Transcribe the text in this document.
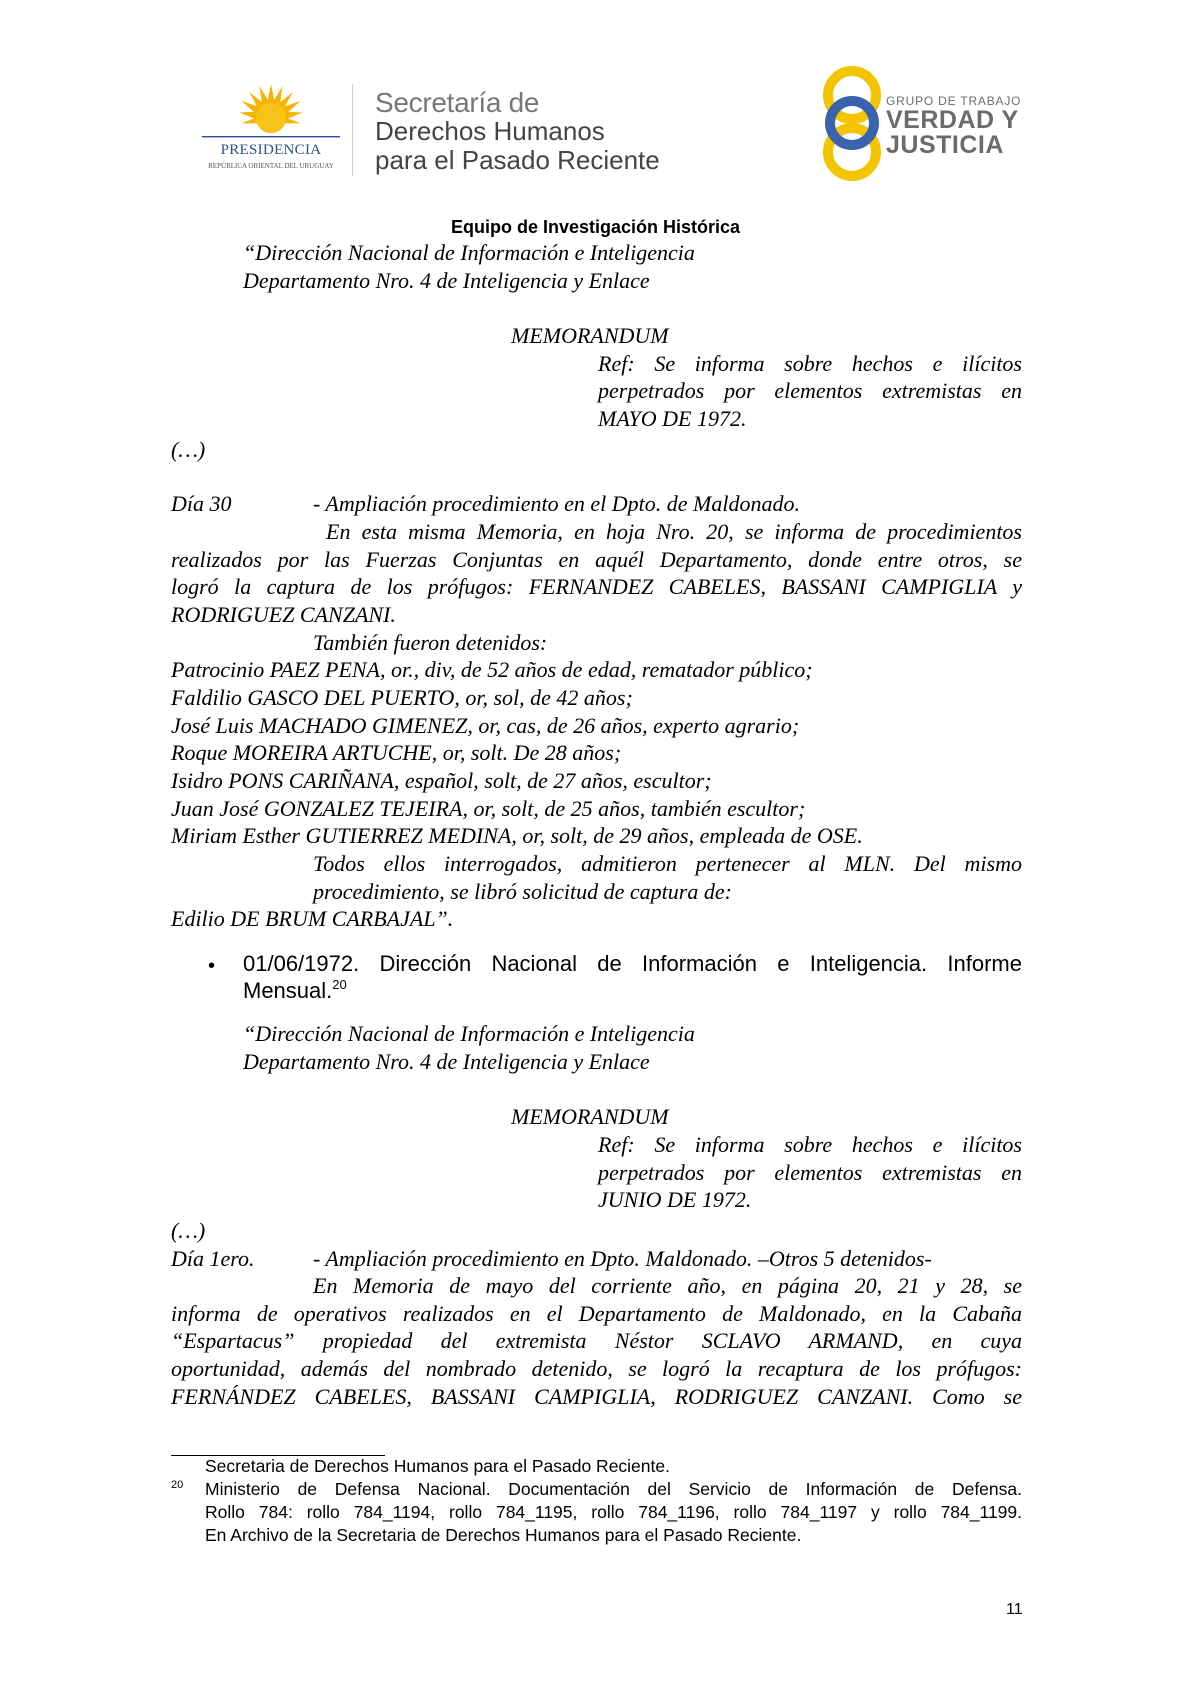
PRESIDENCIA
REPÚBLICA ORIENTAL DEL URUGUAY
Secretaría de
Derechos Humanos
para el Pasado Reciente
GRUPO DE TRABAJO
VERDAD Y
JUSTICIA
Equipo de Investigación Histórica
“Dirección Nacional de Información e Inteligencia
Departamento Nro. 4 de Inteligencia y Enlace
MEMORANDUM
Ref: Se informa sobre hechos e ilícitos
perpetrados por elementos extremistas en
MAYO DE 1972.
(…)
Día 30	- Ampliación procedimiento en el Dpto. de Maldonado.
En esta misma Memoria, en hoja Nro. 20, se informa de procedimientos
realizados por las Fuerzas Conjuntas en aquél Departamento, donde entre otros, se
logró la captura de los prófugos: FERNANDEZ CABELES, BASSANI CAMPIGLIA y
RODRIGUEZ CANZANI.
También fueron detenidos:
Patrocinio PAEZ PENA, or., div, de 52 años de edad, rematador público;
Faldilio GASCO DEL PUERTO, or, sol, de 42 años;
José Luis MACHADO GIMENEZ, or, cas, de 26 años, experto agrario;
Roque MOREIRA ARTUCHE, or, solt. De 28 años;
Isidro PONS CARIÑANA, español, solt, de 27 años, escultor;
Juan José GONZALEZ TEJEIRA, or, solt, de 25 años, también escultor;
Miriam Esther GUTIERREZ MEDINA, or, solt, de 29 años, empleada de OSE.
Todos ellos interrogados, admitieron pertenecer al MLN. Del mismo
procedimiento, se libró solicitud de captura de:
Edilio DE BRUM CARBAJAL”.
• 01/06/1972. Dirección Nacional de Información e Inteligencia. Informe
Mensual.$^{20}$
“Dirección Nacional de Información e Inteligencia
Departamento Nro. 4 de Inteligencia y Enlace
MEMORANDUM
Ref: Se informa sobre hechos e ilícitos
perpetrados por elementos extremistas en
JUNIO DE 1972.
(…)
Día 1ero.	- Ampliación procedimiento en Dpto. Maldonado. –Otros 5 detenidos-
En Memoria de mayo del corriente año, en página 20, 21 y 28, se
informa de operativos realizados en el Departamento de Maldonado, en la Cabaña
“Espartacus” propiedad del extremista Néstor SCLAVO ARMAND, en cuya
oportunidad, además del nombrado detenido, se logró la recaptura de los prófugos:
FERNÁNDEZ CABELES, BASSANI CAMPIGLIA, RODRIGUEZ CANZANI. Como se
Secretaria de Derechos Humanos para el Pasado Reciente.
20 Ministerio de Defensa Nacional. Documentación del Servicio de Información de Defensa.
Rollo 784: rollo 784_1194, rollo 784_1195, rollo 784_1196, rollo 784_1197 y rollo 784_1199.
En Archivo de la Secretaria de Derechos Humanos para el Pasado Reciente.
11
